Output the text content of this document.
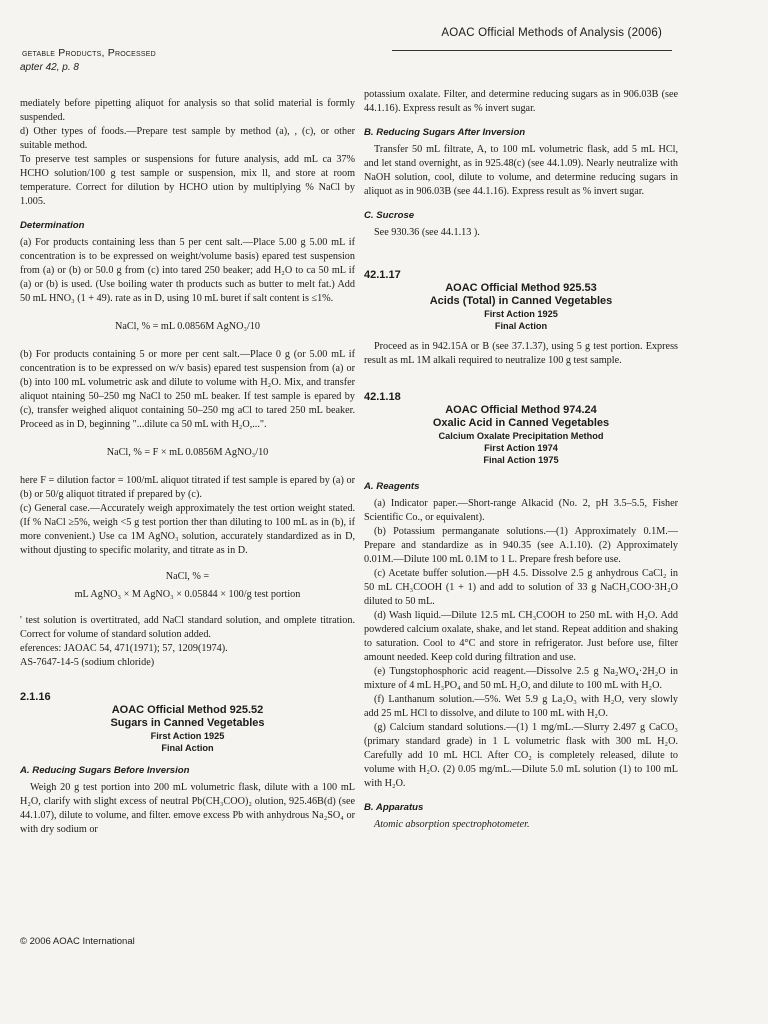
AOAC Official Methods of Analysis (2006)
getable Products, Processed
apter 42, p. 8

mediately before pipetting aliquot for analysis so that solid material is formly suspended.

d) Other types of foods.—Prepare test sample by method (a), , (c), or other suitable method.

To preserve test samples or suspensions for future analysis, add mL ca 37% HCHO solution/100 g test sample or suspension, mix ll, and store at room temperature. Correct for dilution by HCHO ution by multiplying % NaCl by 1.005.

Determination

(a) For products containing less than 5 per cent salt.—Place 5.00 g 5.00 mL if concentration is to be expressed on weight/volume basis) epared test suspension from (a) or (b) or 50.0 g from (c) into tared 250 beaker; add H₂O to ca 50 mL if (a) or (b) is used. (Use boiling water th products such as butter to melt fat.) Add 50 mL HNO₃ (1 + 49). rate as in D, using 10 mL buret if salt content is ≤1%.

NaCl, % = mL 0.0856M AgNO₃/10

(b) For products containing 5 or more per cent salt.—Place 0 g (or 5.00 mL if concentration is to be expressed on w/v basis) epared test suspension from (a) or (b) into 100 mL volumetric ask and dilute to volume with H₂O. Mix, and transfer aliquot ntaining 50–250 mg NaCl to 250 mL beaker. If test sample is epared by (c), transfer weighed aliquot containing 50–250 mg aCl to tared 250 mL beaker. Proceed as in D, beginning "...dilute ca 50 mL with H₂O,...".

NaCl, % = F × mL 0.0856M AgNO₃/10

here F = dilution factor = 100/mL aliquot titrated if test sample is epared by (a) or (b) or 50/g aliquot titrated if prepared by (c).

(c) General case.—Accurately weigh approximately the test ortion weight stated. (If % NaCl ≥5%, weigh <5 g test portion ther than diluting to 100 mL as in (b), if more convenient.) Use ca 1M AgNO₃ solution, accurately standardized as in D, without djusting to specific molarity, and titrate as in D.

NaCl, % =

mL AgNO₃ × M AgNO₃ × 0.05844 × 100/g test portion

' test solution is overtitrated, add NaCl standard solution, and omplete titration. Correct for volume of standard solution added.

eferences: JAOAC 54, 471(1971); 57, 1209(1974).

AS-7647-14-5 (sodium chloride)

2.1.16

AOAC Official Method 925.52

Sugars in Canned Vegetables

First Action 1925

Final Action

A. Reducing Sugars Before Inversion

Weigh 20 g test portion into 200 mL volumetric flask, dilute with a 100 mL H₂O, clarify with slight excess of neutral Pb(CH₃COO)₂ olution, 925.46B(d) (see 44.1.07), dilute to volume, and filter. emove excess Pb with anhydrous Na₂SO₄ or with dry sodium or

potassium oxalate. Filter, and determine reducing sugars as in 906.03B (see 44.1.16). Express result as % invert sugar.

B. Reducing Sugars After Inversion

Transfer 50 mL filtrate, A, to 100 mL volumetric flask, add 5 mL HCl, and let stand overnight, as in 925.48(c) (see 44.1.09). Nearly neutralize with NaOH solution, cool, dilute to volume, and determine reducing sugars in aliquot as in 906.03B (see 44.1.16). Express result as % invert sugar.

C. Sucrose

See 930.36 (see 44.1.13 ).

42.1.17

AOAC Official Method 925.53

Acids (Total) in Canned Vegetables

First Action 1925

Final Action

Proceed as in 942.15A or B (see 37.1.37), using 5 g test portion. Express result as mL 1M alkali required to neutralize 100 g test sample.

42.1.18

AOAC Official Method 974.24

Oxalic Acid in Canned Vegetables

Calcium Oxalate Precipitation Method

First Action 1974

Final Action 1975

A. Reagents

(a) Indicator paper.—Short-range Alkacid (No. 2, pH 3.5–5.5, Fisher Scientific Co., or equivalent).

(b) Potassium permanganate solutions.—(1) Approximately 0.1M.—Prepare and standardize as in 940.35 (see A.1.10). (2) Approximately 0.01M.—Dilute 100 mL 0.1M to 1 L. Prepare fresh before use.

(c) Acetate buffer solution.—pH 4.5. Dissolve 2.5 g anhydrous CaCl₂ in 50 mL CH₃COOH (1 + 1) and add to solution of 33 g NaCH₃COO·3H₂O diluted to 50 mL.

(d) Wash liquid.—Dilute 12.5 mL CH₃COOH to 250 mL with H₂O. Add powdered calcium oxalate, shake, and let stand. Repeat addition and shaking to saturation. Cool to 4°C and store in refrigerator. Just before use, filter amount needed. Keep cold during filtration and use.

(e) Tungstophosphoric acid reagent.—Dissolve 2.5 g Na₂WO₄·2H₂O in mixture of 4 mL H₃PO₄ and 50 mL H₂O, and dilute to 100 mL with H₂O.

(f) Lanthanum solution.—5%. Wet 5.9 g La₂O₃ with H₂O, very slowly add 25 mL HCl to dissolve, and dilute to 100 mL with H₂O.

(g) Calcium standard solutions.—(1) 1 mg/mL.—Slurry 2.497 g CaCO₃ (primary standard grade) in 1 L volumetric flask with 300 mL H₂O. Carefully add 10 mL HCl. After CO₂ is completely released, dilute to volume with H₂O. (2) 0.05 mg/mL.—Dilute 5.0 mL solution (1) to 100 mL with H₂O.

B. Apparatus

Atomic absorption spectrophotometer.

© 2006 AOAC International
